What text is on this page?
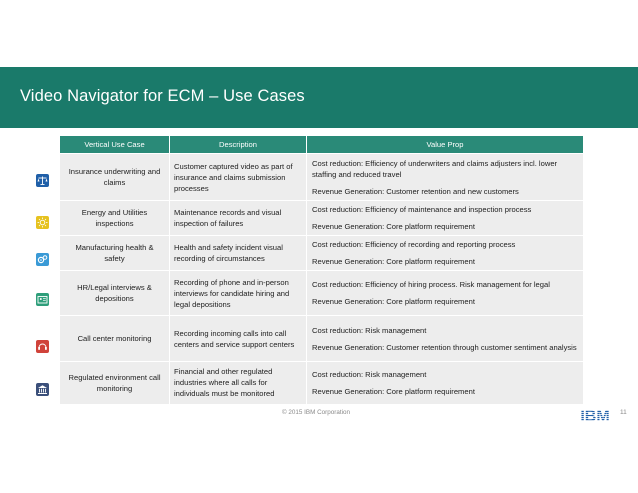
Video Navigator for ECM – Use Cases
Vertical Use Case	Description	Value Prop

Insurance underwriting and claims	Customer captured video as part of insurance and claims submission processes	Cost reduction: Efficiency of underwriters and claims adjusters incl. lower staffing and reduced travel
Revenue Generation: Customer retention and new customers

Energy and Utilities inspections	Maintenance records and visual inspection of failures	Cost reduction: Efficiency of maintenance and inspection process
Revenue Generation: Core platform requirement

Manufacturing health & safety	Health and safety incident visual recording of circumstances	Cost reduction: Efficiency of recording and reporting process
Revenue Generation: Core platform requirement

HR/Legal interviews & depositions	Recording of phone and in-person interviews for candidate hiring and legal depositions	Cost reduction: Efficiency of hiring process. Risk management for legal
Revenue Generation: Core platform requirement

Call center monitoring	Recording incoming calls into call centers and service support centers	Cost reduction: Risk management
Revenue Generation: Customer retention through customer sentiment analysis

Regulated environment call monitoring	Financial and other regulated industries where all calls for individuals must be monitored	Cost reduction: Risk management
Revenue Generation: Core platform requirement
© 2015 IBM Corporation	11
